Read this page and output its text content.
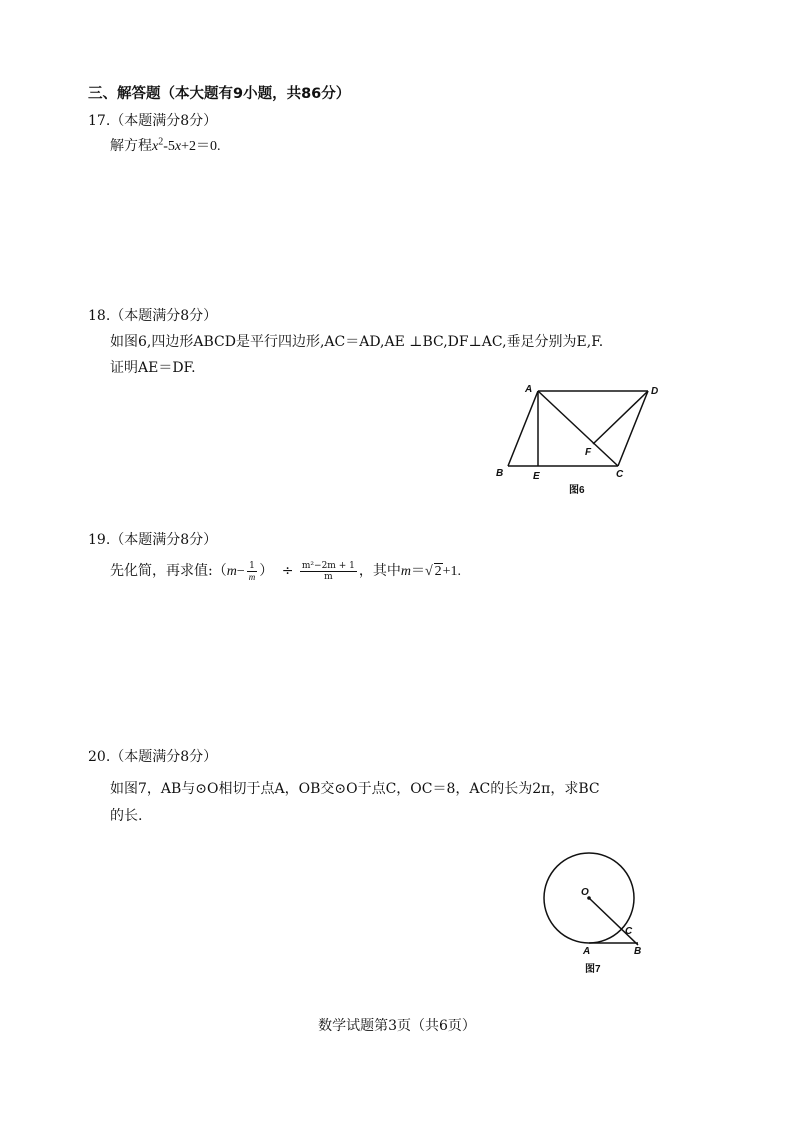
三、解答题（本大题有9小题，共86分）
17.（本题满分8分）
解方程$x^2-5x+2=0$.
18.（本题满分8分）
如图6,四边形ABCD是平行四边形,AC＝AD,AE ⊥BC,DF⊥AC,垂足分别为E,F.
证明AE＝DF.
A	D
B	E	C
F
图6
19.（本题满分8分）
先化简，再求值:（m− $\frac{1}{m}$ ） ÷ $\frac{\text{m²−2m + 1}}{m}$ ，其中m＝√ 2+1.
20.（本题满分8分）
如图7，AB与⊙O相切于点A，OB交⊙O于点C，OC＝8，AC的长为2π，求BC
的长.
O
A	B
C
图7
数学试题第3页（共6页）
